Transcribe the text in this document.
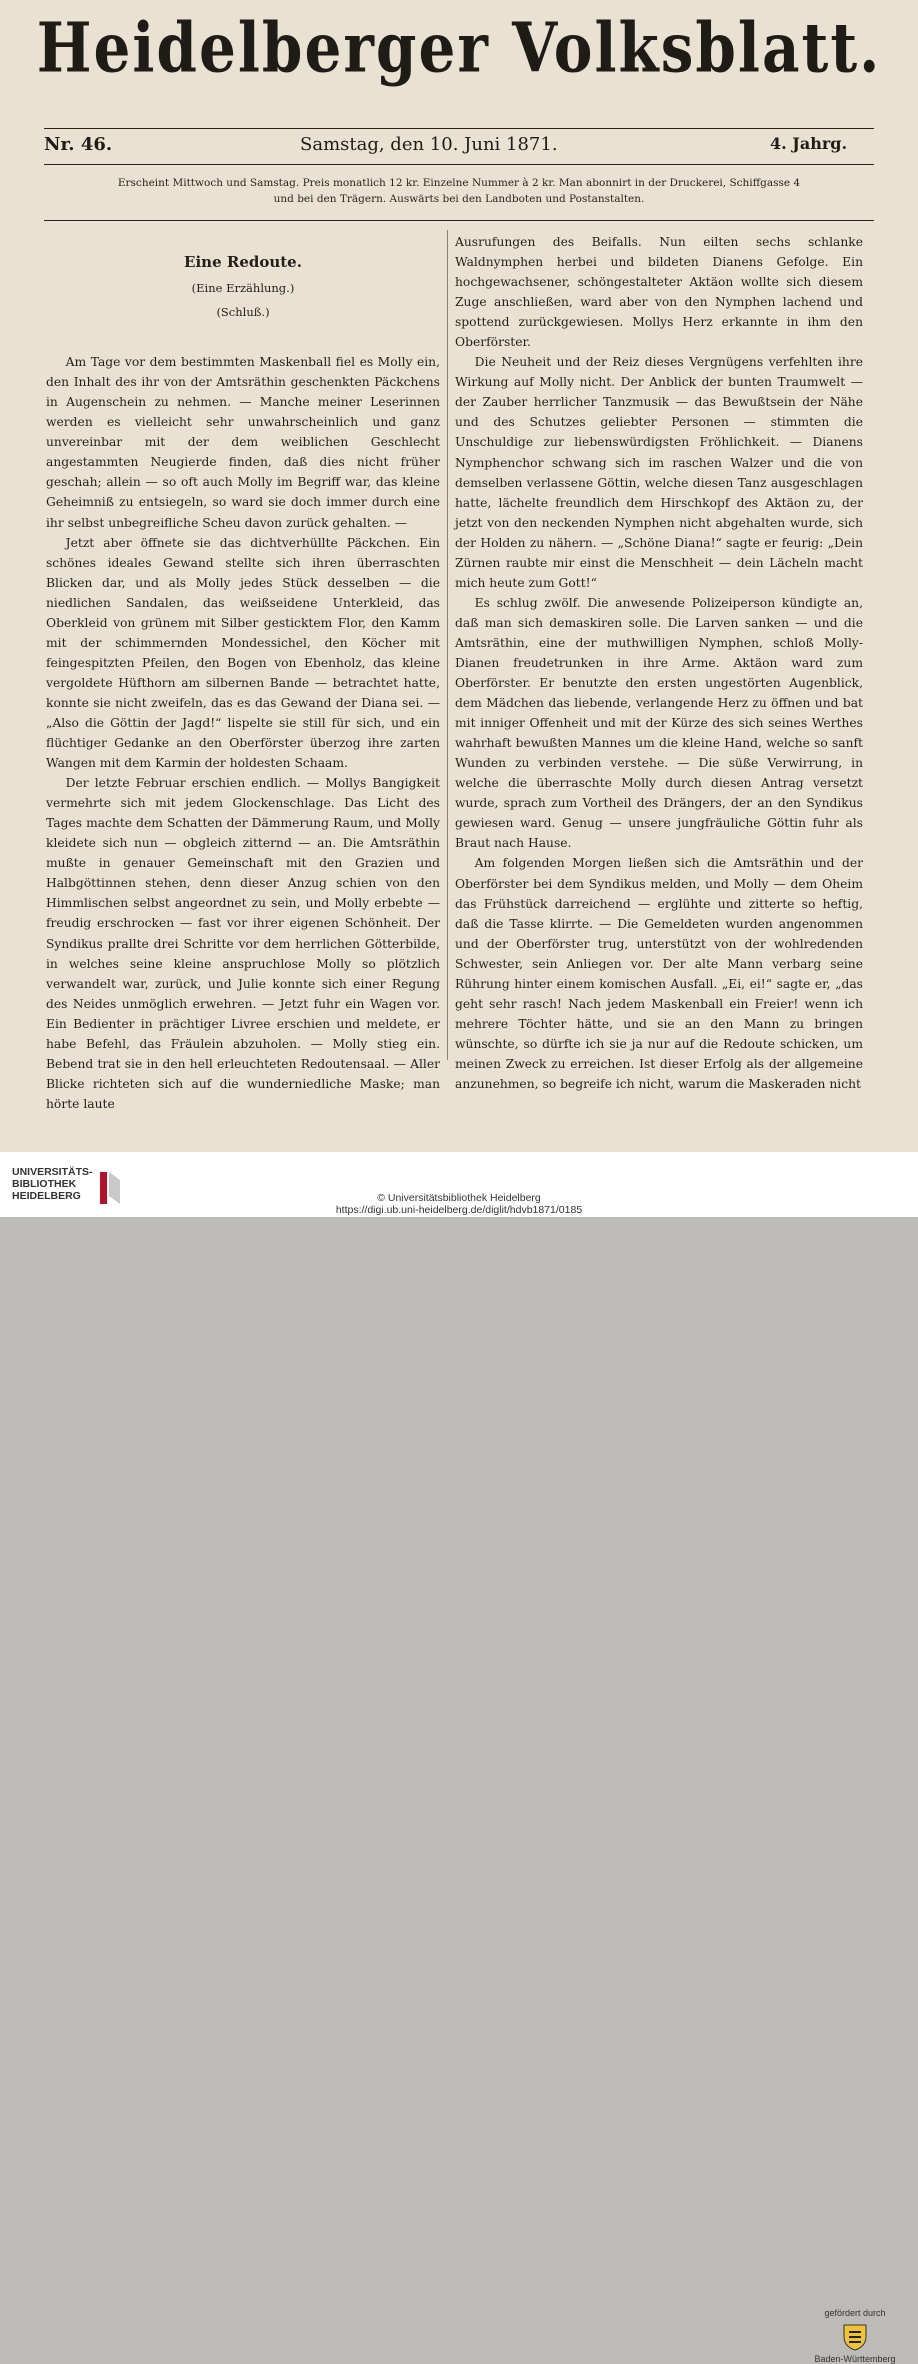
Heidelberger Volksblatt.
Nr. 46.	Samstag, den 10. Juni 1871.	4. Jahrg.
Erscheint Mittwoch und Samstag. Preis monatlich 12 kr. Einzelne Nummer à 2 kr. Man abonnirt in der Druckerei, Schiffgasse 4
und bei den Trägern. Auswärts bei den Landboten und Postanstalten.
Eine Redoute.
(Eine Erzählung.)
(Schluß.)

Am Tage vor dem bestimmten Maskenball fiel es Molly ein, den Inhalt des ihr von der Amtsräthin geschenkten Päckchens in Augenschein zu nehmen. — Manche meiner Leserinnen werden es vielleicht sehr unwahrscheinlich und ganz unvereinbar mit der dem weiblichen Geschlecht angestammten Neugierde finden, daß dies nicht früher geschah; allein — so oft auch Molly im Begriff war, das kleine Geheimniß zu entsiegeln, so ward sie doch immer durch eine ihr selbst unbegreifliche Scheu davon zurück gehalten. —

Jetzt aber öffnete sie das dichtverhüllte Päckchen. Ein schönes ideales Gewand stellte sich ihren überraschten Blicken dar, und als Molly jedes Stück desselben — die niedlichen Sandalen, das weißseidene Unterkleid, das Oberkleid von grünem mit Silber gesticktem Flor, den Kamm mit der schimmernden Mondessichel, den Köcher mit feingespitzten Pfeilen, den Bogen von Ebenholz, das kleine vergoldete Hüfthorn am silbernen Bande — betrachtet hatte, konnte sie nicht zweifeln, das es das Gewand der Diana sei. — „Also die Göttin der Jagd!“ lispelte sie still für sich, und ein flüchtiger Gedanke an den Oberförster überzog ihre zarten Wangen mit dem Karmin der holdesten Schaam.

Der letzte Februar erschien endlich. — Mollys Bangigkeit vermehrte sich mit jedem Glockenschlage. Das Licht des Tages machte dem Schatten der Dämmerung Raum, und Molly kleidete sich nun — obgleich zitternd — an. Die Amtsräthin mußte in genauer Gemeinschaft mit den Grazien und Halbgöttinnen stehen, denn dieser Anzug schien von den Himmlischen selbst angeordnet zu sein, und Molly erbebte — freudig erschrocken — fast vor ihrer eigenen Schönheit. Der Syndikus prallte drei Schritte vor dem herrlichen Götterbilde, in welches seine kleine anspruchlose Molly so plötzlich verwandelt war, zurück, und Julie konnte sich einer Regung des Neides unmöglich erwehren. — Jetzt fuhr ein Wagen vor. Ein Bedienter in prächtiger Livree erschien und meldete, er habe Befehl, das Fräulein abzuholen. — Molly stieg ein. Bebend trat sie in den hell erleuchteten Redoutensaal. — Aller Blicke richteten sich auf die wunderniedliche Maske; man hörte laute

Ausrufungen des Beifalls. Nun eilten sechs schlanke Waldnymphen herbei und bildeten Dianens Gefolge. Ein hochgewachsener, schöngestalteter Aktäon wollte sich diesem Zuge anschließen, ward aber von den Nymphen lachend und spottend zurückgewiesen. Mollys Herz erkannte in ihm den Oberförster.

Die Neuheit und der Reiz dieses Vergnügens verfehlten ihre Wirkung auf Molly nicht. Der Anblick der bunten Traumwelt — der Zauber herrlicher Tanzmusik — das Bewußtsein der Nähe und des Schutzes geliebter Personen — stimmten die Unschuldige zur liebenswürdigsten Fröhlichkeit. — Dianens Nymphenchor schwang sich im raschen Walzer und die von demselben verlassene Göttin, welche diesen Tanz ausgeschlagen hatte, lächelte freundlich dem Hirschkopf des Aktäon zu, der jetzt von den neckenden Nymphen nicht abgehalten wurde, sich der Holden zu nähern. — „Schöne Diana!“ sagte er feurig: „Dein Zürnen raubte mir einst die Menschheit — dein Lächeln macht mich heute zum Gott!“

Es schlug zwölf. Die anwesende Polizeiperson kündigte an, daß man sich demaskiren solle. Die Larven sanken — und die Amtsräthin, eine der muthwilligen Nymphen, schloß Molly-Dianen freudetrunken in ihre Arme. Aktäon ward zum Oberförster. Er benutzte den ersten ungestörten Augenblick, dem Mädchen das liebende, verlangende Herz zu öffnen und bat mit inniger Offenheit und mit der Kürze des sich seines Werthes wahrhaft bewußten Mannes um die kleine Hand, welche so sanft Wunden zu verbinden verstehe. — Die süße Verwirrung, in welche die überraschte Molly durch diesen Antrag versetzt wurde, sprach zum Vortheil des Drängers, der an den Syndikus gewiesen ward. Genug — unsere jungfräuliche Göttin fuhr als Braut nach Hause.

Am folgenden Morgen ließen sich die Amtsräthin und der Oberförster bei dem Syndikus melden, und Molly — dem Oheim das Frühstück darreichend — erglühte und zitterte so heftig, daß die Tasse klirrte. — Die Gemeldeten wurden angenommen und der Oberförster trug, unterstützt von der wohlredenden Schwester, sein Anliegen vor. Der alte Mann verbarg seine Rührung hinter einem komischen Ausfall. „Ei, ei!“ sagte er, „das geht sehr rasch! Nach jedem Maskenball ein Freier! wenn ich mehrere Töchter hätte, und sie an den Mann zu bringen wünschte, so dürfte ich sie ja nur auf die Redoute schicken, um meinen Zweck zu erreichen. Ist dieser Erfolg als der allgemeine anzunehmen, so begreife ich nicht, warum die Maskeraden nicht

UNIVERSITÄTS-
BIBLIOTHEK
HEIDELBERG
gefördert durch
Baden-Württemberg
© Universitätsbibliothek Heidelberg
https://digi.ub.uni-heidelberg.de/diglit/hdvb1871/0185
